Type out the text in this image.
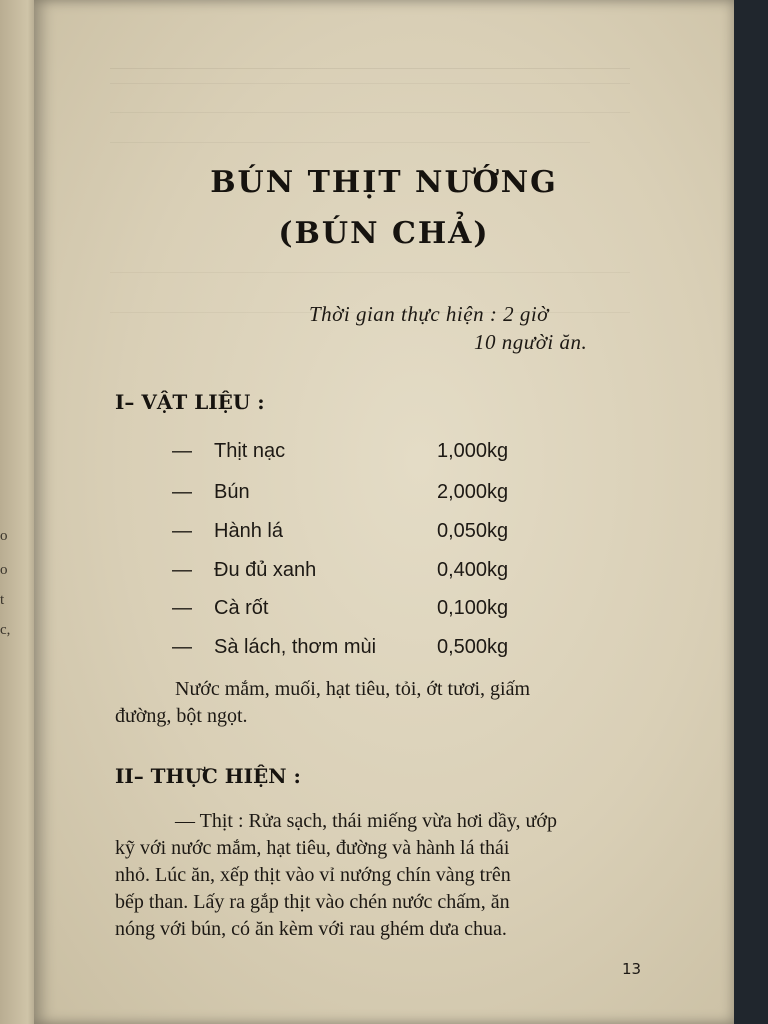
o
o
t
c,
BÚN THỊT NƯỚNG
(BÚN CHẢ)
Thời gian thực hiện : 2 giờ
10 người ăn.
I– VẬT LIỆU :
— Thịt nạc	1,000kg
— Bún	2,000kg
— Hành lá	0,050kg
— Đu đủ xanh	0,400kg
— Cà rốt	0,100kg
— Sà lách, thơm mùi	0,500kg
Nước mắm, muối, hạt tiêu, tỏi, ớt tươi, giấm
đường, bột ngọt.
II– THỰC HIỆN :
— Thịt : Rửa sạch, thái miếng vừa hơi dầy, ướp
kỹ với nước mắm, hạt tiêu, đường và hành lá thái
nhỏ. Lúc ăn, xếp thịt vào vỉ nướng chín vàng trên
bếp than. Lấy ra gắp thịt vào chén nước chấm, ăn
nóng với bún, có ăn kèm với rau ghém dưa chua.
13
